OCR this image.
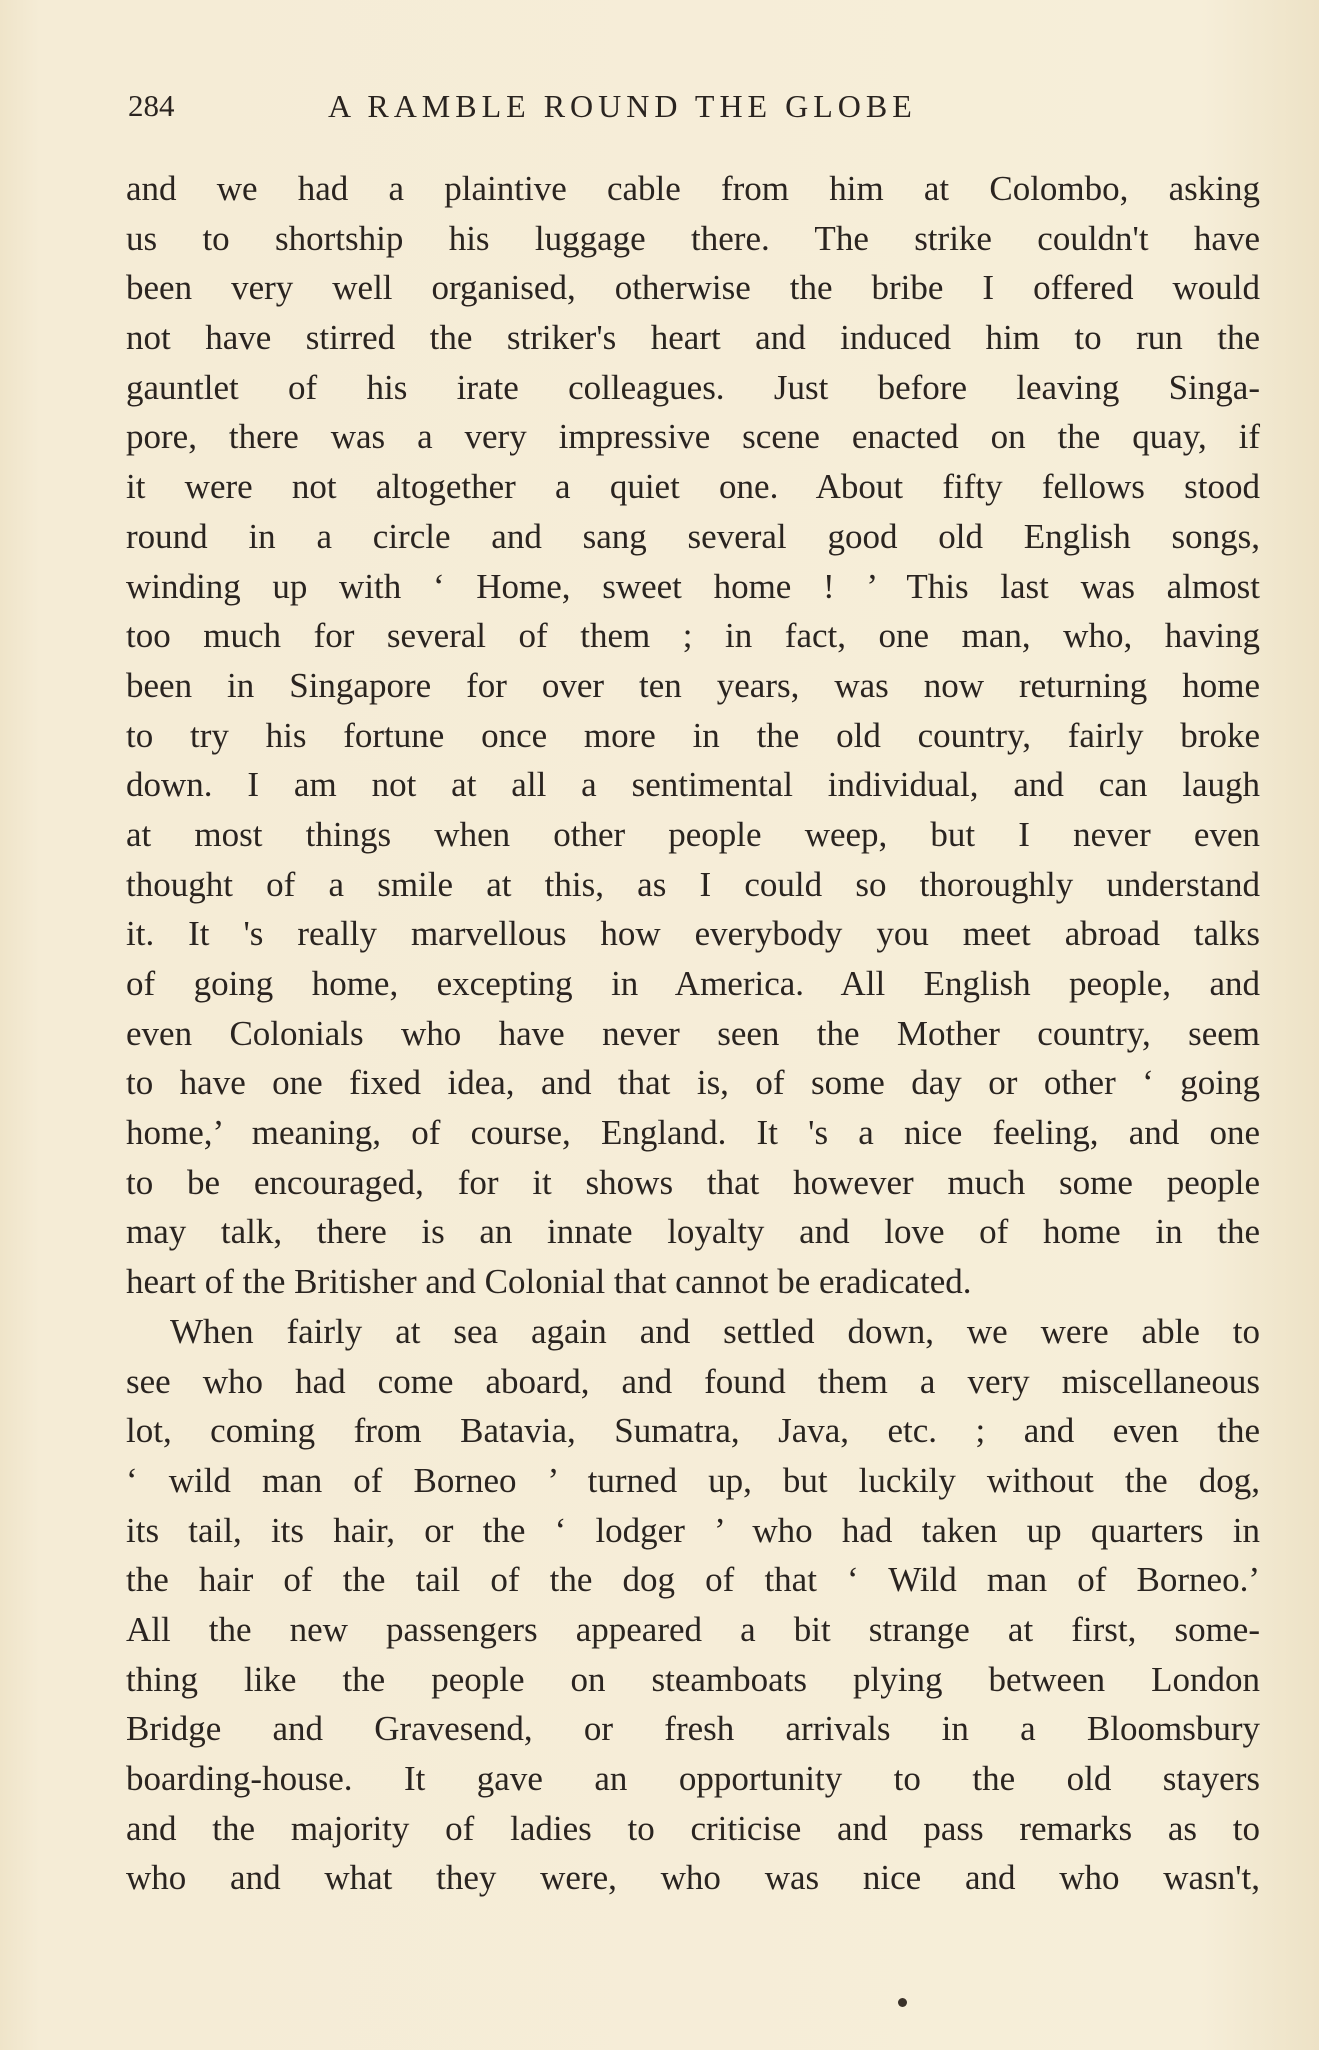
284	A RAMBLE ROUND THE GLOBE
and we had a plaintive cable from him at Colombo, asking
us to shortship his luggage there. The strike couldn't have
been very well organised, otherwise the bribe I offered would
not have stirred the striker's heart and induced him to run the
gauntlet of his irate colleagues. Just before leaving Singa-
pore, there was a very impressive scene enacted on the quay, if
it were not altogether a quiet one. About fifty fellows stood
round in a circle and sang several good old English songs,
winding up with ‘ Home, sweet home ! ’ This last was almost
too much for several of them ; in fact, one man, who, having
been in Singapore for over ten years, was now returning home
to try his fortune once more in the old country, fairly broke
down. I am not at all a sentimental individual, and can laugh
at most things when other people weep, but I never even
thought of a smile at this, as I could so thoroughly understand
it. It 's really marvellous how everybody you meet abroad talks
of going home, excepting in America. All English people, and
even Colonials who have never seen the Mother country, seem
to have one fixed idea, and that is, of some day or other ‘ going
home,’ meaning, of course, England. It 's a nice feeling, and one
to be encouraged, for it shows that however much some people
may talk, there is an innate loyalty and love of home in the
heart of the Britisher and Colonial that cannot be eradicated.
When fairly at sea again and settled down, we were able to
see who had come aboard, and found them a very miscellaneous
lot, coming from Batavia, Sumatra, Java, etc. ; and even the
‘ wild man of Borneo ’ turned up, but luckily without the dog,
its tail, its hair, or the ‘ lodger ’ who had taken up quarters in
the hair of the tail of the dog of that ‘ Wild man of Borneo.’
All the new passengers appeared a bit strange at first, some-
thing like the people on steamboats plying between London
Bridge and Gravesend, or fresh arrivals in a Bloomsbury
boarding-house. It gave an opportunity to the old stayers
and the majority of ladies to criticise and pass remarks as to
who and what they were, who was nice and who wasn't,
